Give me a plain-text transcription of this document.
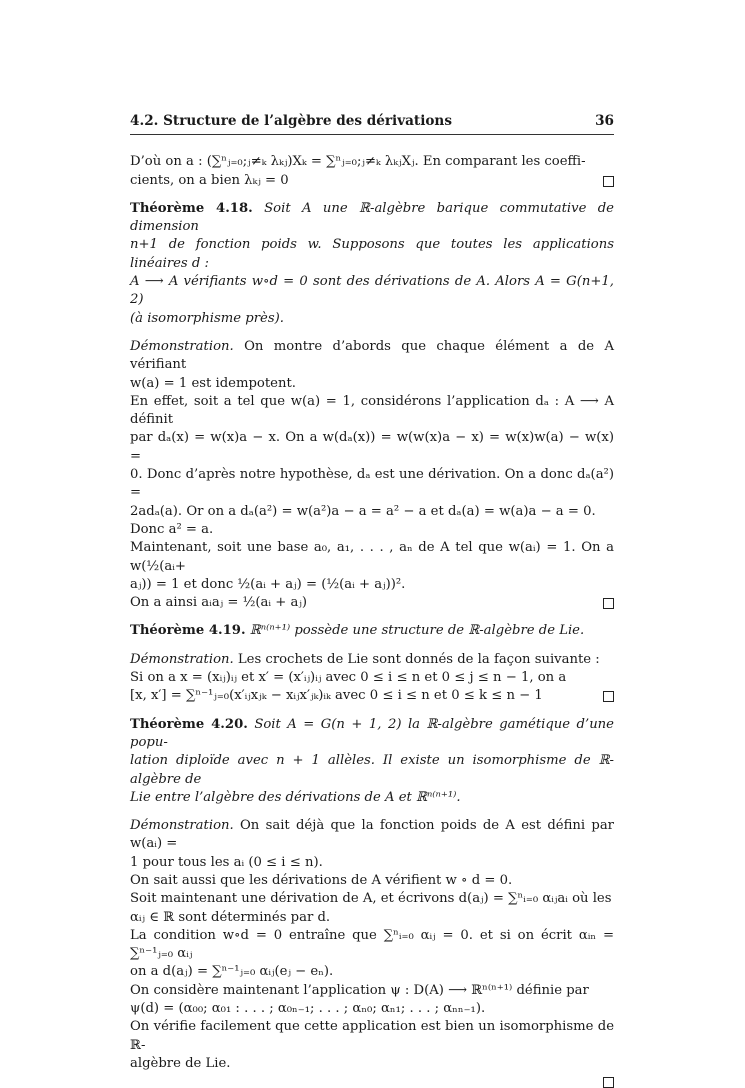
4.2. Structure de l’algèbre des dérivations	36
D’où on a : (∑ⁿⱼ₌₀;ⱼ≠ₖ λₖⱼ)Xₖ = ∑ⁿⱼ₌₀;ⱼ≠ₖ λₖⱼXⱼ. En comparant les coeffi-
cients, on a bien λₖⱼ = 0
Théorème 4.18. Soit A une ℝ-algèbre barique commutative de dimension
n+1 de fonction poids w. Supposons que toutes les applications linéaires d :
A ⟶ A vérifiants w∘d = 0 sont des dérivations de A. Alors A = G(n+1, 2)
(à isomorphisme près).
Démonstration. On montre d’abords que chaque élément a de A vérifiant
w(a) = 1 est idempotent.
En effet, soit a tel que w(a) = 1, considérons l’application dₐ : A ⟶ A définit
par dₐ(x) = w(x)a − x. On a w(dₐ(x)) = w(w(x)a − x) = w(x)w(a) − w(x) =
0. Donc d’après notre hypothèse, dₐ est une dérivation. On a donc dₐ(a²) =
2adₐ(a). Or on a dₐ(a²) = w(a²)a − a = a² − a et dₐ(a) = w(a)a − a = 0.
Donc a² = a.
Maintenant, soit une base a₀, a₁, . . . , aₙ de A tel que w(aᵢ) = 1. On a w(½(aᵢ+
aⱼ)) = 1 et donc ½(aᵢ + aⱼ) = (½(aᵢ + aⱼ))².
On a ainsi aᵢaⱼ = ½(aᵢ + aⱼ)
Théorème 4.19. ℝⁿ⁽ⁿ⁺¹⁾ possède une structure de ℝ-algèbre de Lie.
Démonstration. Les crochets de Lie sont donnés de la façon suivante :
Si on a x = (xᵢⱼ)ᵢⱼ et x′ = (x′ᵢⱼ)ᵢⱼ avec 0 ≤ i ≤ n et 0 ≤ j ≤ n − 1, on a
[x, x′] = ∑ⁿ⁻¹ⱼ₌₀(x′ᵢⱼxⱼₖ − xᵢⱼx′ⱼₖ)ᵢₖ avec 0 ≤ i ≤ n et 0 ≤ k ≤ n − 1
Théorème 4.20. Soit A = G(n + 1, 2) la ℝ-algèbre gamétique d’une popu-
lation diploïde avec n + 1 allèles. Il existe un isomorphisme de ℝ-algèbre de
Lie entre l’algèbre des dérivations de A et ℝⁿ⁽ⁿ⁺¹⁾.
Démonstration. On sait déjà que la fonction poids de A est défini par w(aᵢ) =
1 pour tous les aᵢ (0 ≤ i ≤ n).
On sait aussi que les dérivations de A vérifient w ∘ d = 0.
Soit maintenant une dérivation de A, et écrivons d(aⱼ) = ∑ⁿᵢ₌₀ αᵢⱼaᵢ où les
αᵢⱼ ∈ ℝ sont déterminés par d.
La condition w∘d = 0 entraîne que ∑ⁿᵢ₌₀ αᵢⱼ = 0. et si on écrit αᵢₙ = ∑ⁿ⁻¹ⱼ₌₀ αᵢⱼ
on a d(aⱼ) = ∑ⁿ⁻¹ⱼ₌₀ αᵢⱼ(eⱼ − eₙ).
On considère maintenant l’application ψ : D(A) ⟶ ℝⁿ⁽ⁿ⁺¹⁾ définie par
ψ(d) = (α₀₀; α₀₁ : . . . ; α₀ₙ₋₁; . . . ; αₙ₀; αₙ₁; . . . ; αₙₙ₋₁).
On vérifie facilement que cette application est bien un isomorphisme de ℝ-
algèbre de Lie.
